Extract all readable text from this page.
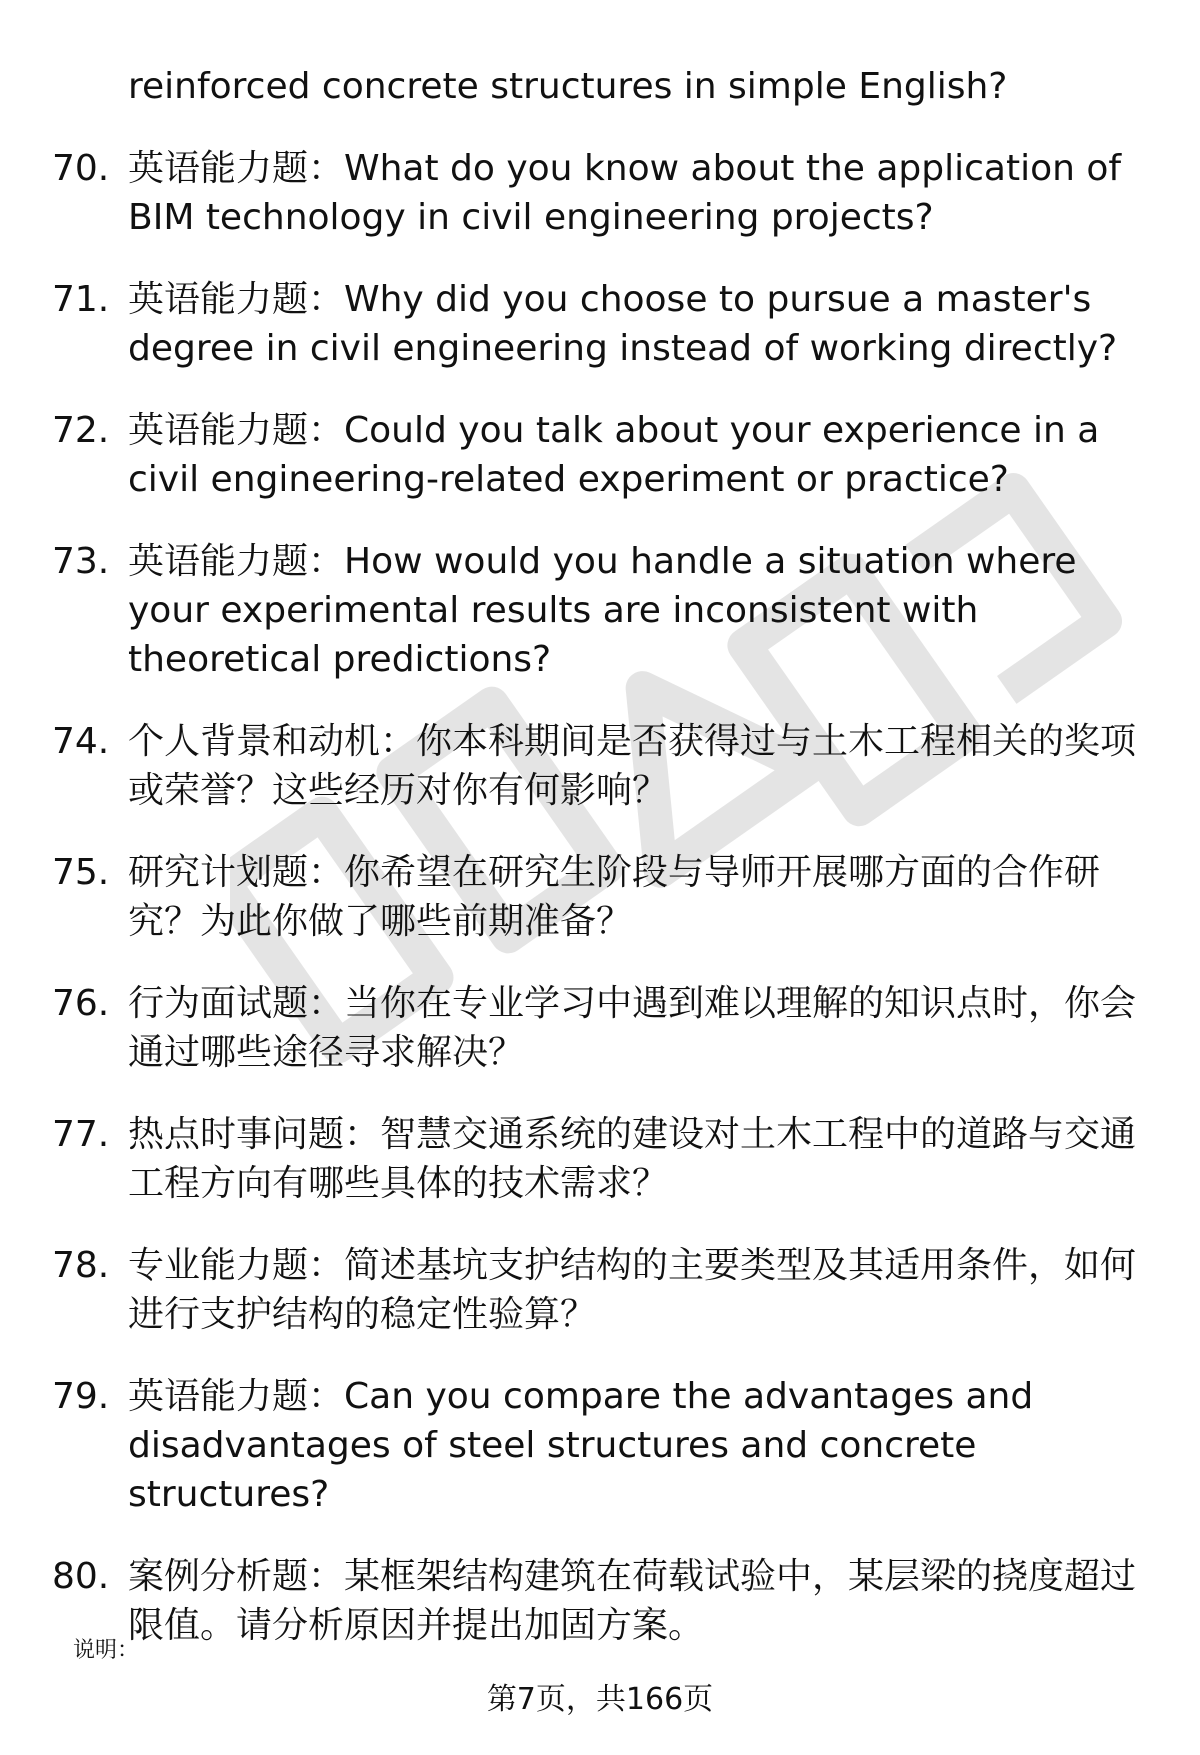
reinforced concrete structures in simple English?
70. 英语能力题：What do you know about the application of BIM technology in civil engineering projects?
71. 英语能力题：Why did you choose to pursue a master's degree in civil engineering instead of working directly?
72. 英语能力题：Could you talk about your experience in a civil engineering-related experiment or practice?
73. 英语能力题：How would you handle a situation where your experimental results are inconsistent with theoretical predictions?
74. 个人背景和动机：你本科期间是否获得过与土木工程相关的奖项或荣誉？这些经历对你有何影响？
75. 研究计划题：你希望在研究生阶段与导师开展哪方面的合作研究？为此你做了哪些前期准备？
76. 行为面试题：当你在专业学习中遇到难以理解的知识点时，你会通过哪些途径寻求解决？
77. 热点时事问题：智慧交通系统的建设对土木工程中的道路与交通工程方向有哪些具体的技术需求？
78. 专业能力题：简述基坑支护结构的主要类型及其适用条件，如何进行支护结构的稳定性验算？
79. 英语能力题：Can you compare the advantages and disadvantages of steel structures and concrete structures?
80. 案例分析题：某框架结构建筑在荷载试验中，某层梁的挠度超过限值。请分析原因并提出加固方案。
说明：
第7页，共166页
